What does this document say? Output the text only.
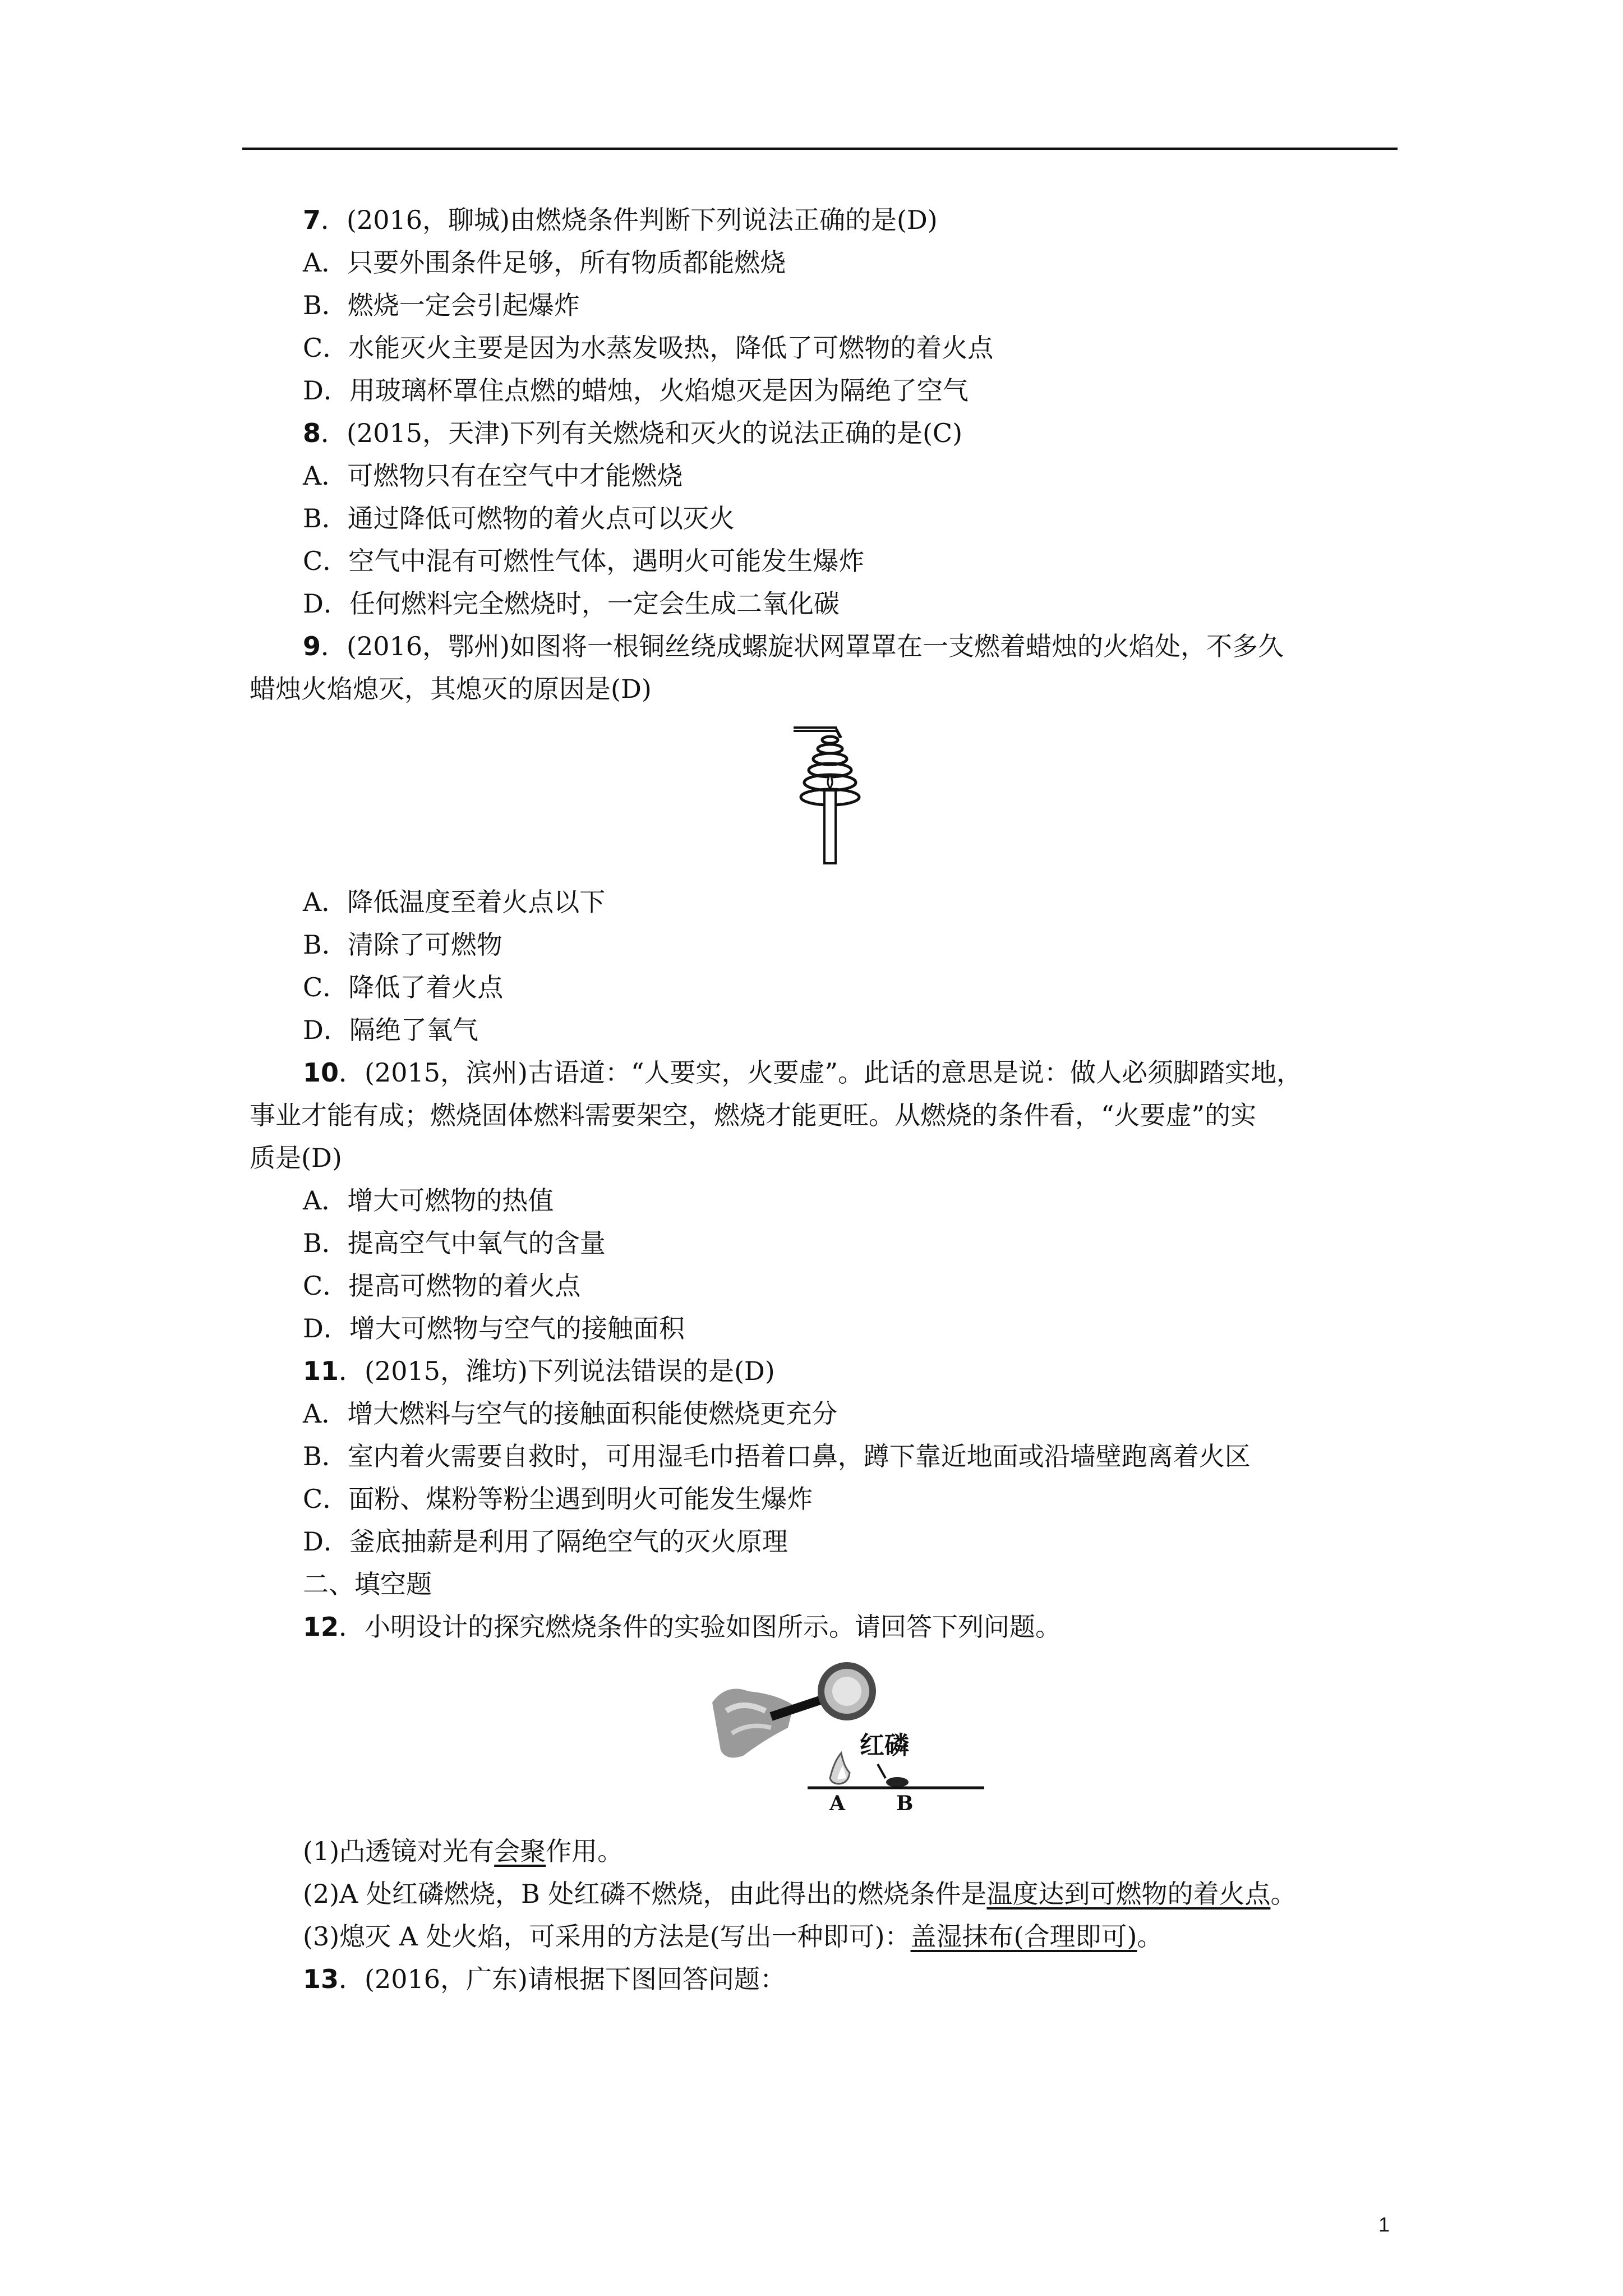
7．(2016，聊城)由燃烧条件判断下列说法正确的是(D)
A．只要外围条件足够，所有物质都能燃烧
B．燃烧一定会引起爆炸
C．水能灭火主要是因为水蒸发吸热，降低了可燃物的着火点
D．用玻璃杯罩住点燃的蜡烛，火焰熄灭是因为隔绝了空气
8．(2015，天津)下列有关燃烧和灭火的说法正确的是(C)
A．可燃物只有在空气中才能燃烧
B．通过降低可燃物的着火点可以灭火
C．空气中混有可燃性气体，遇明火可能发生爆炸
D．任何燃料完全燃烧时，一定会生成二氧化碳
9．(2016，鄂州)如图将一根铜丝绕成螺旋状网罩罩在一支燃着蜡烛的火焰处，不多久
蜡烛火焰熄灭，其熄灭的原因是(D)
A．降低温度至着火点以下
B．清除了可燃物
C．降低了着火点
D．隔绝了氧气
10．(2015，滨州)古语道：“人要实，火要虚”。此话的意思是说：做人必须脚踏实地，
事业才能有成；燃烧固体燃料需要架空，燃烧才能更旺。从燃烧的条件看，“火要虚”的实
质是(D)
A．增大可燃物的热值
B．提高空气中氧气的含量
C．提高可燃物的着火点
D．增大可燃物与空气的接触面积
11．(2015，潍坊)下列说法错误的是(D)
A．增大燃料与空气的接触面积能使燃烧更充分
B．室内着火需要自救时，可用湿毛巾捂着口鼻，蹲下靠近地面或沿墙壁跑离着火区
C．面粉、煤粉等粉尘遇到明火可能发生爆炸
D．釜底抽薪是利用了隔绝空气的灭火原理
二、填空题
12．小明设计的探究燃烧条件的实验如图所示。请回答下列问题。
红磷
A	B
(1)凸透镜对光有会聚作用。
(2)A 处红磷燃烧，B 处红磷不燃烧，由此得出的燃烧条件是温度达到可燃物的着火点。
(3)熄灭 A 处火焰，可采用的方法是(写出一种即可)：盖湿抹布(合理即可)。
13．(2016，广东)请根据下图回答问题：
1
